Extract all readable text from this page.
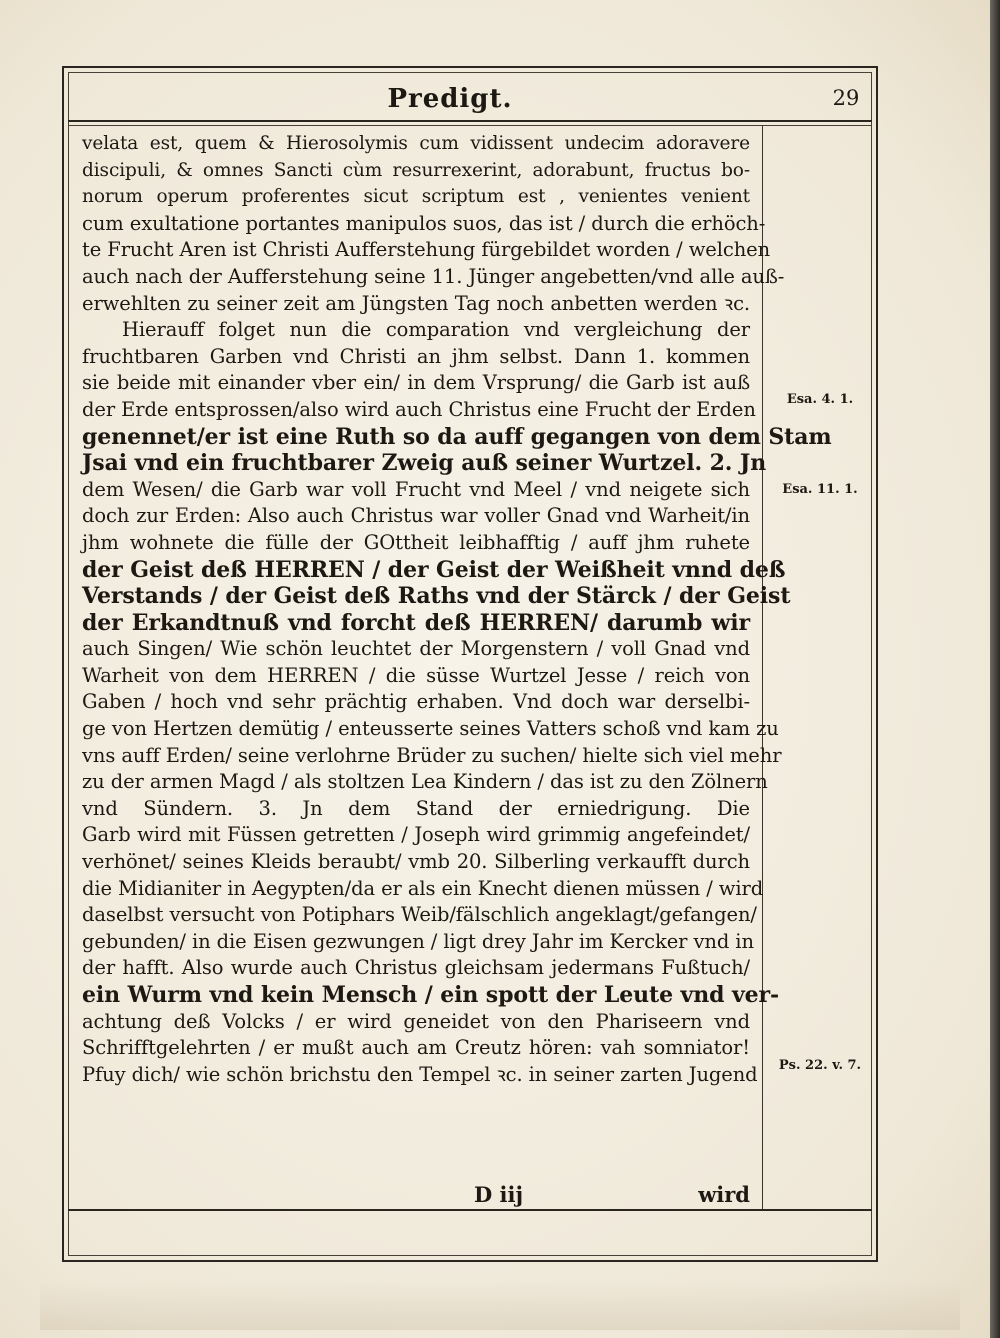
Predigt.	29
velata est, quem & Hierosolymis cum vidissent undecim adoravere
discipuli, & omnes Sancti cùm resurrexerint, adorabunt, fructus bo-
norum operum proferentes sicut scriptum est , venientes venient
cum exultatione portantes manipulos suos, das ist / durch die erhöch-
te Frucht Aren ist Christi Aufferstehung fürgebildet worden / welchen
auch nach der Aufferstehung seine 11. Jünger angebetten/vnd alle auß-
erwehlten zu seiner zeit am Jüngsten Tag noch anbetten werden ꝛc.
Hierauff folget nun die comparation vnd vergleichung der
fruchtbaren Garben vnd Christi an jhm selbst. Dann 1. kommen
sie beide mit einander vber ein/ in dem Vrsprung/ die Garb ist auß
der Erde entsprossen/also wird auch Christus eine Frucht der Erden
genennet/er ist eine Ruth so da auff gegangen von dem Stam
Jsai vnd ein fruchtbarer Zweig auß seiner Wurtzel. 2. Jn
dem Wesen/ die Garb war voll Frucht vnd Meel / vnd neigete sich
doch zur Erden: Also auch Christus war voller Gnad vnd Warheit/in
jhm wohnete die fülle der GOttheit leibhafftig / auff jhm ruhete
der Geist deß HERREN / der Geist der Weißheit vnnd deß
Verstands / der Geist deß Raths vnd der Stärck / der Geist
der Erkandtnuß vnd forcht deß HERREN/ darumb wir
auch Singen/ Wie schön leuchtet der Morgenstern / voll Gnad vnd
Warheit von dem HERREN / die süsse Wurtzel Jesse / reich von
Gaben / hoch vnd sehr prächtig erhaben. Vnd doch war derselbi-
ge von Hertzen demütig / enteusserte seines Vatters schoß vnd kam zu
vns auff Erden/ seine verlohrne Brüder zu suchen/ hielte sich viel mehr
zu der armen Magd / als stoltzen Lea Kindern / das ist zu den Zölnern
vnd Sündern. 3. Jn dem Stand der erniedrigung. Die
Garb wird mit Füssen getretten / Joseph wird grimmig angefeindet/
verhönet/ seines Kleids beraubt/ vmb 20. Silberling verkaufft durch
die Midianiter in Aegypten/da er als ein Knecht dienen müssen / wird
daselbst versucht von Potiphars Weib/fälschlich angeklagt/gefangen/
gebunden/ in die Eisen gezwungen / ligt drey Jahr im Kercker vnd in
der hafft. Also wurde auch Christus gleichsam jedermans Fußtuch/
ein Wurm vnd kein Mensch / ein spott der Leute vnd ver-
achtung deß Volcks / er wird geneidet von den Phariseern vnd
Schrifftgelehrten / er mußt auch am Creutz hören: vah somniator!
Pfuy dich/ wie schön brichstu den Tempel ꝛc. in seiner zarten Jugend
Esa. 4. 1.
Esa. 11. 1.
Ps. 22. v. 7.
D iij	wird
